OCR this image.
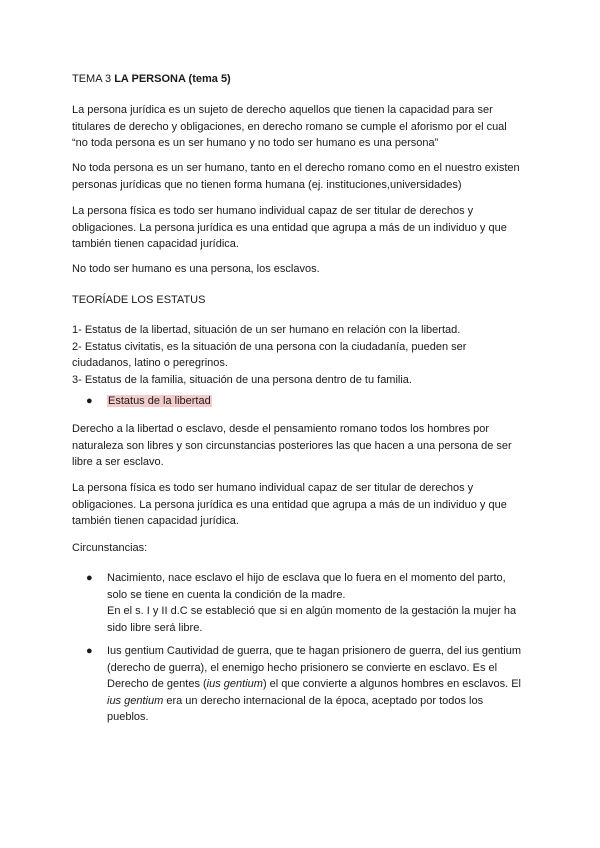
TEMA 3 LA PERSONA (tema 5)
La persona jurídica es un sujeto de derecho aquellos que tienen la capacidad para ser
titulares de derecho y obligaciones, en derecho romano se cumple el aforismo por el cual
“no toda persona es un ser humano y no todo ser humano es una persona”
No toda persona es un ser humano, tanto en el derecho romano como en el nuestro existen
personas jurídicas que no tienen forma humana (ej. instituciones,universidades)
La persona física es todo ser humano individual capaz de ser titular de derechos y
obligaciones. La persona jurídica es una entidad que agrupa a más de un individuo y que
también tienen capacidad jurídica.
No todo ser humano es una persona, los esclavos.
TEORÍADE LOS ESTATUS
1- Estatus de la libertad, situación de un ser humano en relación con la libertad.
2- Estatus civitatis, es la situación de una persona con la ciudadanía, pueden ser
ciudadanos, latino o peregrinos.
3- Estatus de la familia, situación de una persona dentro de tu familia.
●	Estatus de la libertad
Derecho a la libertad o esclavo, desde el pensamiento romano todos los hombres por
naturaleza son libres y son circunstancias posteriores las que hacen a una persona de ser
libre a ser esclavo.
La persona física es todo ser humano individual capaz de ser titular de derechos y
obligaciones. La persona jurídica es una entidad que agrupa a más de un individuo y que
también tienen capacidad jurídica.
Circunstancias:
●	Nacimiento, nace esclavo el hijo de esclava que lo fuera en el momento del parto,
solo se tiene en cuenta la condición de la madre.
En el s. I y II d.C se estableció que si en algún momento de la gestación la mujer ha
sido libre será libre.
●	Ius gentium Cautividad de guerra, que te hagan prisionero de guerra, del ius gentium
(derecho de guerra), el enemigo hecho prisionero se convierte en esclavo. Es el
Derecho de gentes (ius gentium) el que convierte a algunos hombres en esclavos. El
ius gentium era un derecho internacional de la época, aceptado por todos los
pueblos.
